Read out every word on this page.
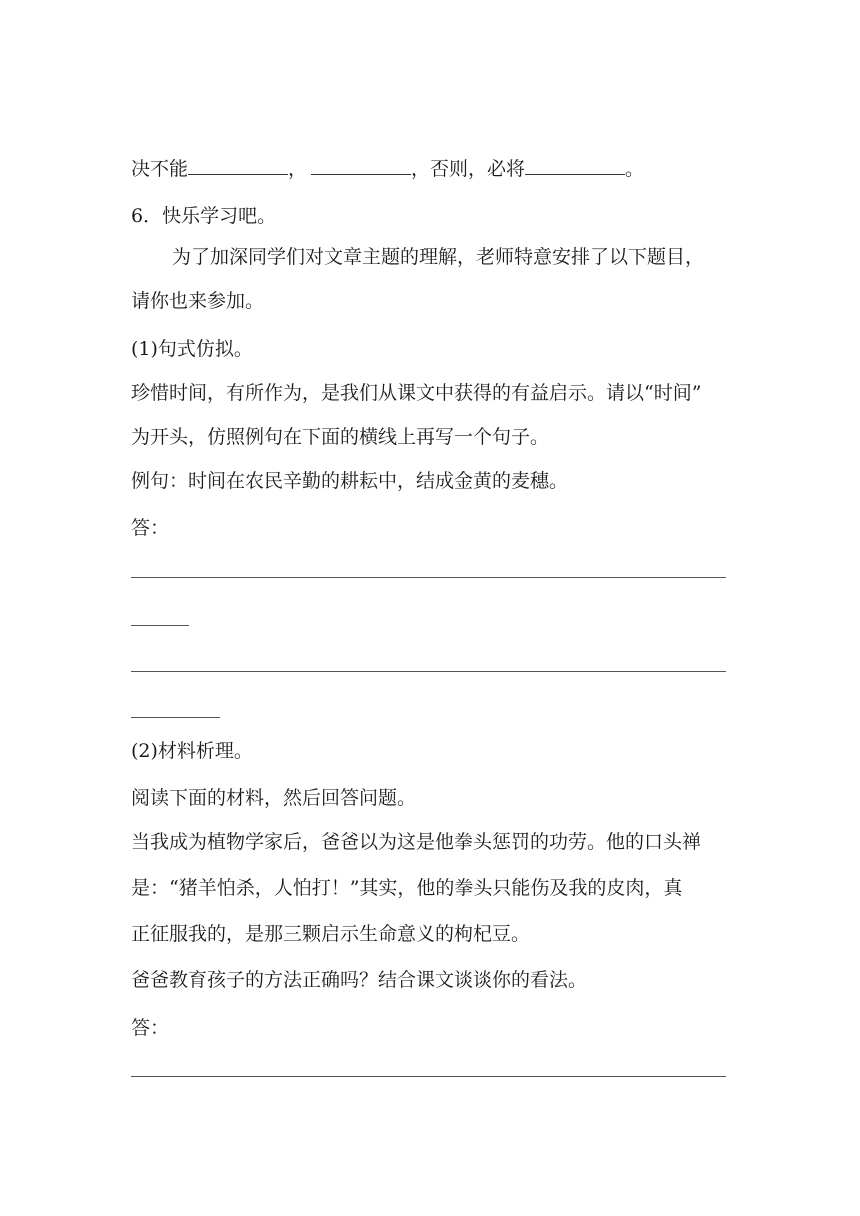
决不能	，	，否则，必将	。
6．快乐学习吧。
为了加深同学们对文章主题的理解，老师特意安排了以下题目，
请你也来参加。
(1)句式仿拟。
珍惜时间，有所作为，是我们从课文中获得的有益启示。请以“时间”
为开头，仿照例句在下面的横线上再写一个句子。
例句：时间在农民辛勤的耕耘中，结成金黄的麦穗。
答：
(2)材料析理。
阅读下面的材料，然后回答问题。
当我成为植物学家后，爸爸以为这是他拳头惩罚的功劳。他的口头禅
是：“猪羊怕杀，人怕打！”其实，他的拳头只能伤及我的皮肉，真
正征服我的，是那三颗启示生命意义的枸杞豆。
爸爸教育孩子的方法正确吗？结合课文谈谈你的看法。
答：
